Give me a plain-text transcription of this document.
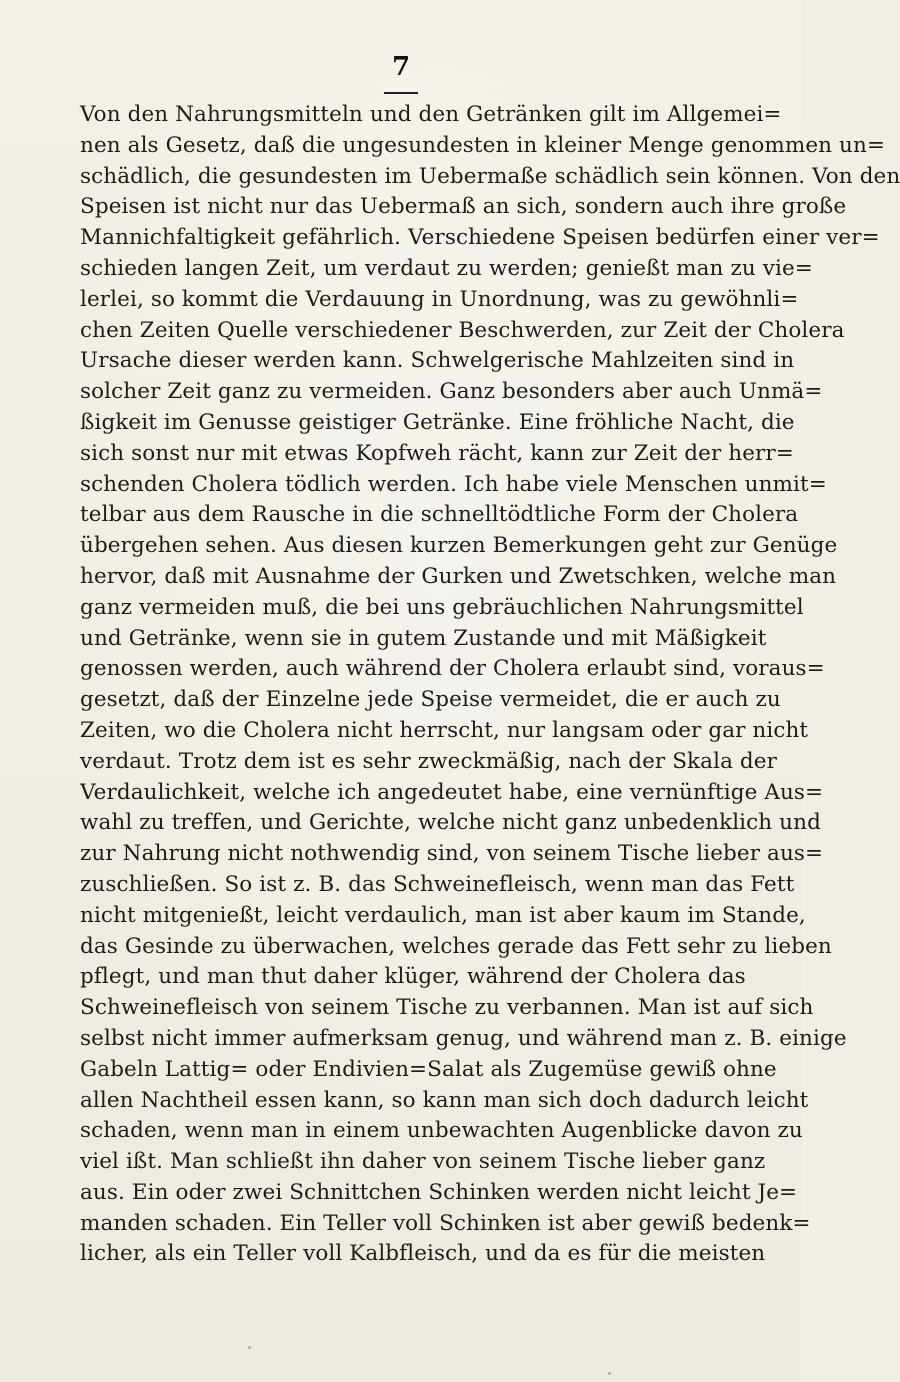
7
Von den Nahrungsmitteln und den Getränken gilt im Allgemei=
nen als Gesetz, daß die ungesundesten in kleiner Menge genommen un=
schädlich, die gesundesten im Uebermaße schädlich sein können. Von den
Speisen ist nicht nur das Uebermaß an sich, sondern auch ihre große
Mannichfaltigkeit gefährlich. Verschiedene Speisen bedürfen einer ver=
schieden langen Zeit, um verdaut zu werden; genießt man zu vie=
lerlei, so kommt die Verdauung in Unordnung, was zu gewöhnli=
chen Zeiten Quelle verschiedener Beschwerden, zur Zeit der Cholera
Ursache dieser werden kann. Schwelgerische Mahlzeiten sind in
solcher Zeit ganz zu vermeiden. Ganz besonders aber auch Unmä=
ßigkeit im Genusse geistiger Getränke. Eine fröhliche Nacht, die
sich sonst nur mit etwas Kopfweh rächt, kann zur Zeit der herr=
schenden Cholera tödlich werden. Ich habe viele Menschen unmit=
telbar aus dem Rausche in die schnelltödtliche Form der Cholera
übergehen sehen. Aus diesen kurzen Bemerkungen geht zur Genüge
hervor, daß mit Ausnahme der Gurken und Zwetschken, welche man
ganz vermeiden muß, die bei uns gebräuchlichen Nahrungsmittel
und Getränke, wenn sie in gutem Zustande und mit Mäßigkeit
genossen werden, auch während der Cholera erlaubt sind, voraus=
gesetzt, daß der Einzelne jede Speise vermeidet, die er auch zu
Zeiten, wo die Cholera nicht herrscht, nur langsam oder gar nicht
verdaut. Trotz dem ist es sehr zweckmäßig, nach der Skala der
Verdaulichkeit, welche ich angedeutet habe, eine vernünftige Aus=
wahl zu treffen, und Gerichte, welche nicht ganz unbedenklich und
zur Nahrung nicht nothwendig sind, von seinem Tische lieber aus=
zuschließen. So ist z. B. das Schweinefleisch, wenn man das Fett
nicht mitgenießt, leicht verdaulich, man ist aber kaum im Stande,
das Gesinde zu überwachen, welches gerade das Fett sehr zu lieben
pflegt, und man thut daher klüger, während der Cholera das
Schweinefleisch von seinem Tische zu verbannen. Man ist auf sich
selbst nicht immer aufmerksam genug, und während man z. B. einige
Gabeln Lattig= oder Endivien=Salat als Zugemüse gewiß ohne
allen Nachtheil essen kann, so kann man sich doch dadurch leicht
schaden, wenn man in einem unbewachten Augenblicke davon zu
viel ißt. Man schließt ihn daher von seinem Tische lieber ganz
aus. Ein oder zwei Schnittchen Schinken werden nicht leicht Je=
manden schaden. Ein Teller voll Schinken ist aber gewiß bedenk=
licher, als ein Teller voll Kalbfleisch, und da es für die meisten
